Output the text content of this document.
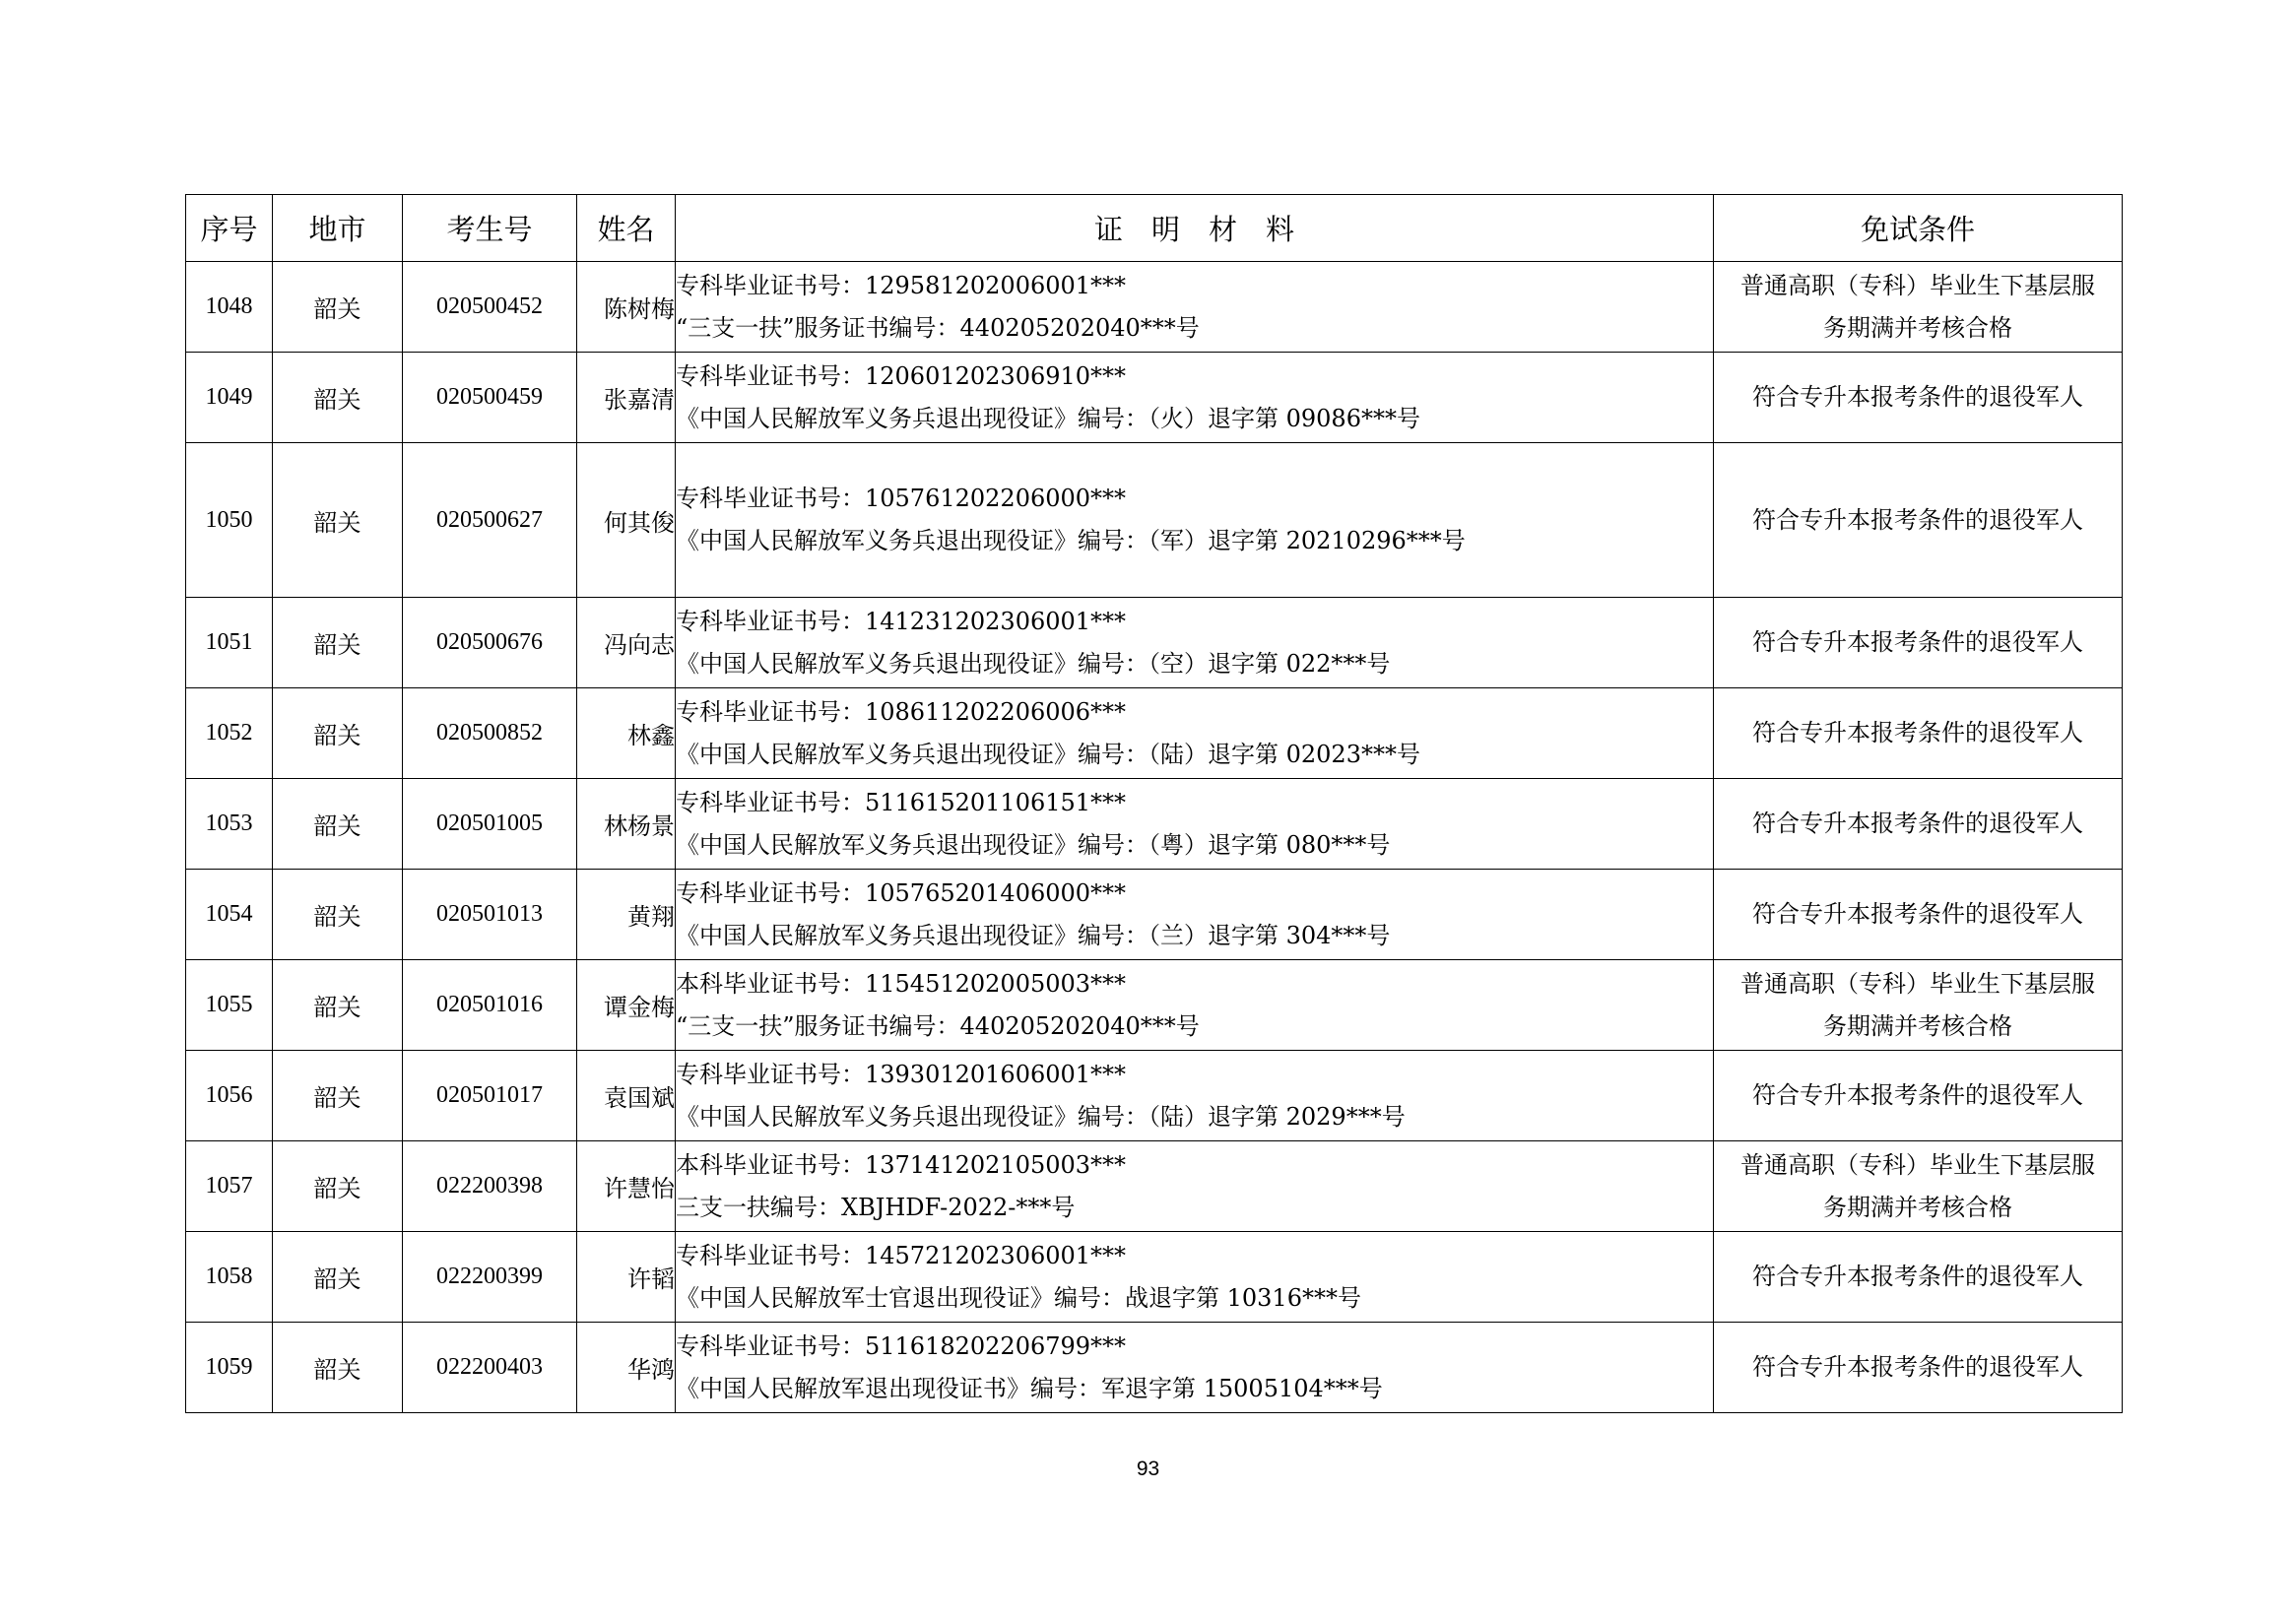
序号	地市	考生号	姓名	证　明　材　料	免试条件
1048	韶关	020500452	陈树梅	专科毕业证书号：129581202006001***
“三支一扶”服务证书编号：440205202040***号	普通高职（专科）毕业生下基层服
务期满并考核合格

1049	韶关	020500459	张嘉清	专科毕业证书号：120601202306910***
《中国人民解放军义务兵退出现役证》编号：（火）退字第 09086***号	符合专升本报考条件的退役军人

1050	韶关	020500627	何其俊	专科毕业证书号：105761202206000***
《中国人民解放军义务兵退出现役证》编号：（军）退字第 20210296***号	符合专升本报考条件的退役军人

1051	韶关	020500676	冯向志	专科毕业证书号：141231202306001***
《中国人民解放军义务兵退出现役证》编号：（空）退字第 022***号	符合专升本报考条件的退役军人

1052	韶关	020500852	林鑫	专科毕业证书号：108611202206006***
《中国人民解放军义务兵退出现役证》编号：（陆）退字第 02023***号	符合专升本报考条件的退役军人

1053	韶关	020501005	林杨景	专科毕业证书号：511615201106151***
《中国人民解放军义务兵退出现役证》编号：（粤）退字第 080***号	符合专升本报考条件的退役军人

1054	韶关	020501013	黄翔	专科毕业证书号：105765201406000***
《中国人民解放军义务兵退出现役证》编号：（兰）退字第 304***号	符合专升本报考条件的退役军人

1055	韶关	020501016	谭金梅	本科毕业证书号：115451202005003***
“三支一扶”服务证书编号：440205202040***号	普通高职（专科）毕业生下基层服
务期满并考核合格

1056	韶关	020501017	袁国斌	专科毕业证书号：139301201606001***
《中国人民解放军义务兵退出现役证》编号：（陆）退字第 2029***号	符合专升本报考条件的退役军人

1057	韶关	022200398	许慧怡	本科毕业证书号：137141202105003***
三支一扶编号：XBJHDF-2022-***号	普通高职（专科）毕业生下基层服
务期满并考核合格

1058	韶关	022200399	许韬	专科毕业证书号：145721202306001***
《中国人民解放军士官退出现役证》编号：战退字第 10316***号	符合专升本报考条件的退役军人

1059	韶关	022200403	华鸿	专科毕业证书号：511618202206799***
《中国人民解放军退出现役证书》编号：军退字第 15005104***号	符合专升本报考条件的退役军人
93
